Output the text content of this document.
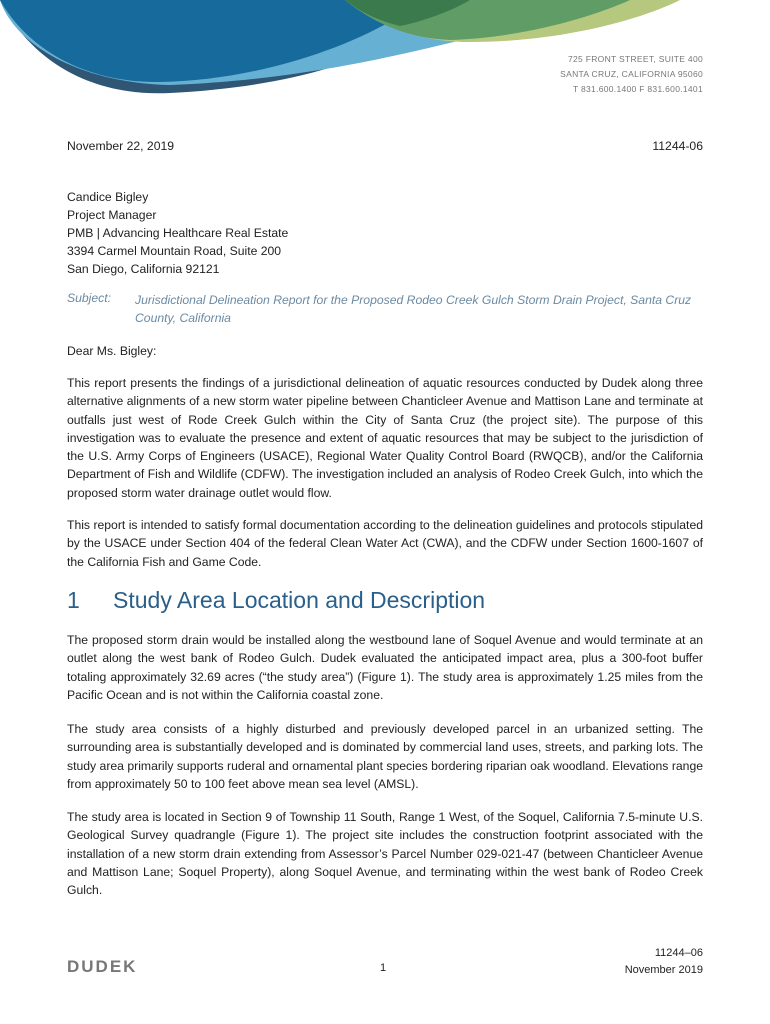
725 FRONT STREET, SUITE 400
SANTA CRUZ, CALIFORNIA 95060
T 831.600.1400 F 831.600.1401
November 22, 2019	11244-06
Candice Bigley
Project Manager
PMB | Advancing Healthcare Real Estate
3394 Carmel Mountain Road, Suite 200
San Diego, California 92121
Subject: Jurisdictional Delineation Report for the Proposed Rodeo Creek Gulch Storm Drain Project, Santa Cruz
County, California
Dear Ms. Bigley:

This report presents the findings of a jurisdictional delineation of aquatic resources conducted by Dudek along three alternative alignments of a new storm water pipeline between Chanticleer Avenue and Mattison Lane and terminate at outfalls just west of Rode Creek Gulch within the City of Santa Cruz (the project site). The purpose of this investigation was to evaluate the presence and extent of aquatic resources that may be subject to the jurisdiction of the U.S. Army Corps of Engineers (USACE), Regional Water Quality Control Board (RWQCB), and/or the California Department of Fish and Wildlife (CDFW). The investigation included an analysis of Rodeo Creek Gulch, into which the proposed storm water drainage outlet would flow.

This report is intended to satisfy formal documentation according to the delineation guidelines and protocols stipulated by the USACE under Section 404 of the federal Clean Water Act (CWA), and the CDFW under Section 1600-1607 of the California Fish and Game Code.

1 Study Area Location and Description

The proposed storm drain would be installed along the westbound lane of Soquel Avenue and would terminate at an outlet along the west bank of Rodeo Gulch. Dudek evaluated the anticipated impact area, plus a 300-foot buffer totaling approximately 32.69 acres (“the study area”) (Figure 1). The study area is approximately 1.25 miles from the Pacific Ocean and is not within the California coastal zone.

The study area consists of a highly disturbed and previously developed parcel in an urbanized setting. The surrounding area is substantially developed and is dominated by commercial land uses, streets, and parking lots. The study area primarily supports ruderal and ornamental plant species bordering riparian oak woodland. Elevations range from approximately 50 to 100 feet above mean sea level (AMSL).

The study area is located in Section 9 of Township 11 South, Range 1 West, of the Soquel, California 7.5-minute U.S. Geological Survey quadrangle (Figure 1). The project site includes the construction footprint associated with the installation of a new storm drain extending from Assessor’s Parcel Number 029-021-47 (between Chanticleer Avenue and Mattison Lane; Soquel Property), along Soquel Avenue, and terminating within the west bank of Rodeo Creek Gulch.

DUDEK	1
11244–06
November 2019
